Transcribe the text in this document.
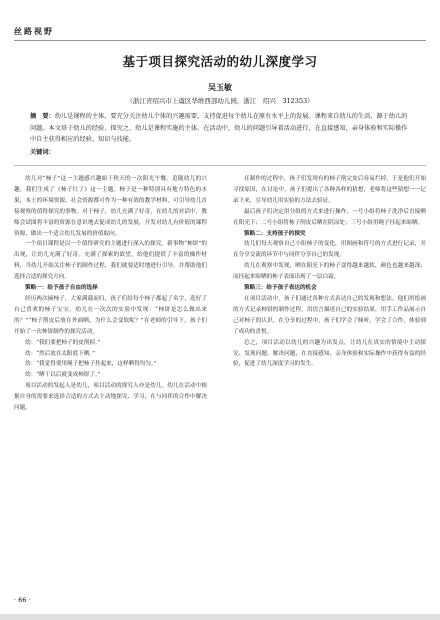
丝路视野
基于项目探究活动的幼儿深度学习
吴玉敏
（浙江省绍兴市上虞区华维西部幼儿园，浙江　绍兴　312353）
摘　要：幼儿是课程的主体，要充分关注幼儿个体的兴趣需要，支持促进每个幼儿在原有水平上的发展。课程来自幼儿的生活，源于幼儿的问题。本文基于幼儿的经验，探究之，幼儿是课程实施的主体。在活动中，幼儿的问题引导着活动进行，在直接感知、亲身体验和实际操作中自主获得相应的经验、知识与技能。
关键词：

幼儿对“柿子”这一主题感兴趣始于秋天的一次阳光午餐。追随幼儿的兴趣，我们生成了《柿子红了》这一主题。柿子是一种特别具有地方特色的水果，本土的环境资源、社会资源都可作为一种有效的教学材料，可引导幼儿直接观察的值得探究的事物。对于柿子，幼儿充满了好奇，在幼儿的对话中，教师会试图将丰富的资源在意识地去促成幼儿的发展，开发对幼儿有价值的课程资源，做出一个适合幼儿发展的价值取向。

一个项目课程是以一个值得研究的主题进行深入的探究。新事物“柿饼”的出现，让幼儿充满了好奇。充满了探索的欲望，给他们提供了丰富的操作材料，当幼儿开始关注柿子的制作过程，我们就要适时地进行引导，并帮助他们选择合适的探究方向。

策略一：给予孩子自由的选择

经历两次摘柿子，大家满载而归，孩子们给每个柿子都起了名字，选好了自己喜欢的柿子宝宝。幼儿在一次次的实验中发现：“柿饼是怎么做出来的？”“柿子削皮后放在外面晒，为什么会变软呢？”在老师的引导下，孩子们开始了一次柿饼制作的探究活动。

幼：“我们要把柿子的皮削掉。”

幼：“然后放在太阳底下晒。”

幼：“我觉得要用绳子把柿子挂起来，这样晒得均匀。”

幼：“晒干以后就变成柿饼了。”

项目活动的发起人是幼儿，项目活动的探究人亦是幼儿。幼儿在活动中根据自身的需要来选择合适的方式去主动地探究、学习，在与同伴的合作中解决问题。

在制作的过程中，孩子们发现有的柿子削完皮后容易烂掉，于是他们开始寻找原因，在讨论中，孩子们提出了各种各样的猜想，老师将这些猜想一一记录下来，引导幼儿用实验的方法去验证。

最后孩子们决定用分组的方式来进行操作，一号小组将柿子洗净后直接晒在阳光下；二号小组将柿子削皮后晒在阴凉处；三号小组用绳子挂起来晾晒。

策略二：支持孩子的探究

幼儿们每天观察自己小组柿子的变化，用图画和符号的方式进行记录，并在分享交流的环节中与同伴分享自己的发现。

幼儿在观察中发现，晒在阳光下的柿子变得越来越软，颜色也越来越深；而挂起来晾晒的柿子表面出现了一层白霜。

策略三：给予孩子表达的机会

在项目活动中，孩子们通过各种方式表达自己的发现和想法。他们用绘画的方式记录柿饼的制作过程，用语言描述自己的实验结果，用手工作品展示自己对柿子的认识。在分享的过程中，孩子们学会了倾听，学会了合作，体验到了成功的喜悦。

总之，项目活动以幼儿的兴趣为出发点，让幼儿在真实的情境中主动探究、发现问题、解决问题，在直接感知、亲身体验和实际操作中获得有益的经验，促进了幼儿深度学习的发生。

· 66 ·
